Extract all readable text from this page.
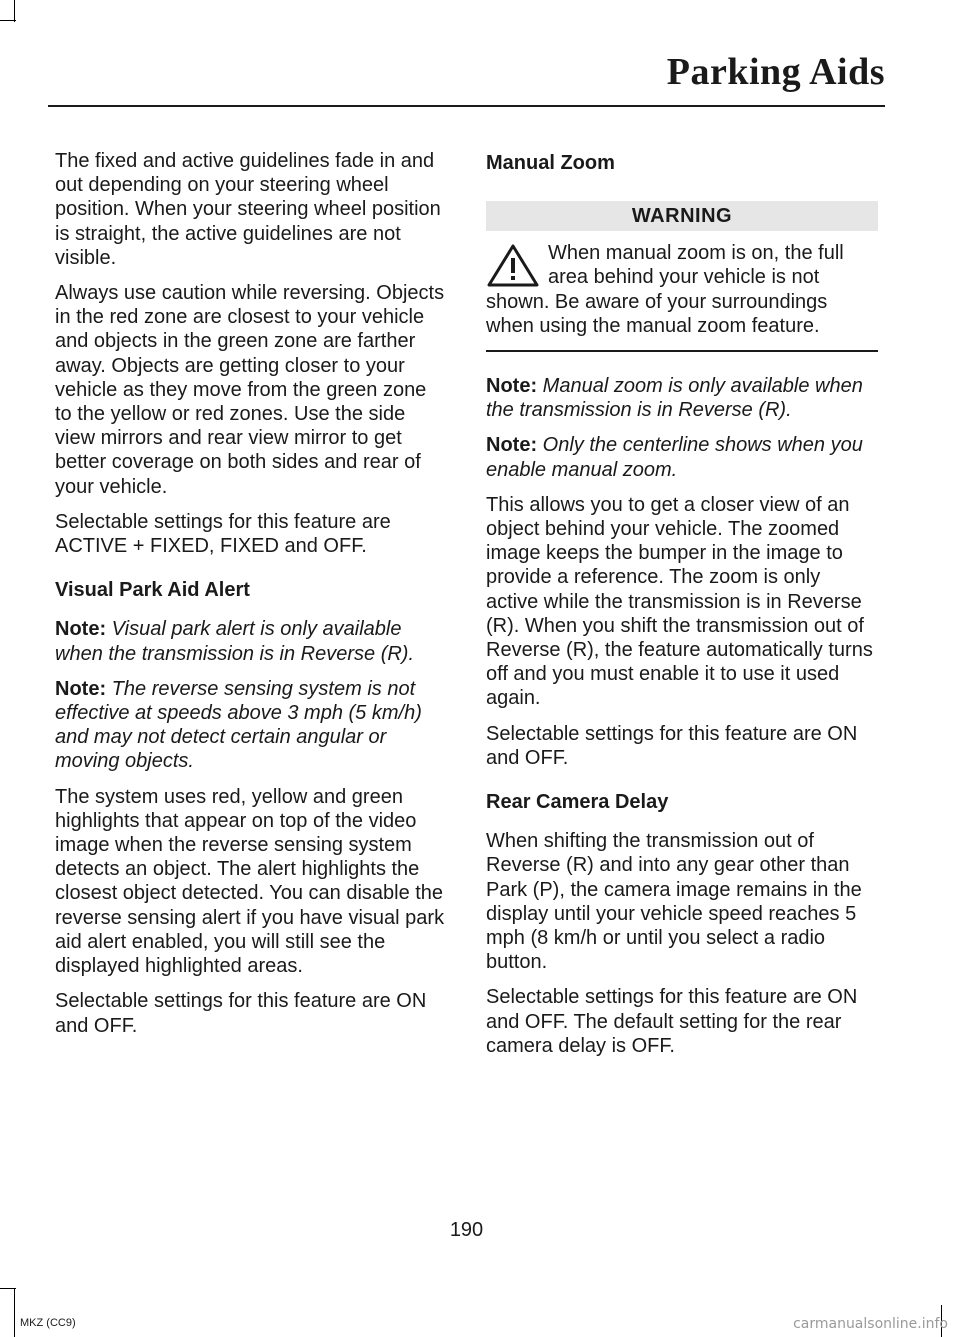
Parking Aids

The fixed and active guidelines fade in and out depending on your steering wheel position. When your steering wheel position is straight, the active guidelines are not visible.

Always use caution while reversing. Objects in the red zone are closest to your vehicle and objects in the green zone are farther away. Objects are getting closer to your vehicle as they move from the green zone to the yellow or red zones. Use the side view mirrors and rear view mirror to get better coverage on both sides and rear of your vehicle.

Selectable settings for this feature are ACTIVE + FIXED, FIXED and OFF.

Visual Park Aid Alert

Note: Visual park alert is only available when the transmission is in Reverse (R).

Note: The reverse sensing system is not effective at speeds above 3 mph (5 km/h) and may not detect certain angular or moving objects.

The system uses red, yellow and green highlights that appear on top of the video image when the reverse sensing system detects an object. The alert highlights the closest object detected. You can disable the reverse sensing alert if you have visual park aid alert enabled, you will still see the displayed highlighted areas.

Selectable settings for this feature are ON and OFF.

Manual Zoom

WARNING
When manual zoom is on, the full area behind your vehicle is not shown. Be aware of your surroundings when using the manual zoom feature.

Note: Manual zoom is only available when the transmission is in Reverse (R).

Note: Only the centerline shows when you enable manual zoom.

This allows you to get a closer view of an object behind your vehicle. The zoomed image keeps the bumper in the image to provide a reference. The zoom is only active while the transmission is in Reverse (R). When you shift the transmission out of Reverse (R), the feature automatically turns off and you must enable it to use it used again.

Selectable settings for this feature are ON and OFF.

Rear Camera Delay

When shifting the transmission out of Reverse (R) and into any gear other than Park (P), the camera image remains in the display until your vehicle speed reaches 5 mph (8 km/h or until you select a radio button.

Selectable settings for this feature are ON and OFF. The default setting for the rear camera delay is OFF.

190
MKZ (CC9)	carmanualsonline.info
